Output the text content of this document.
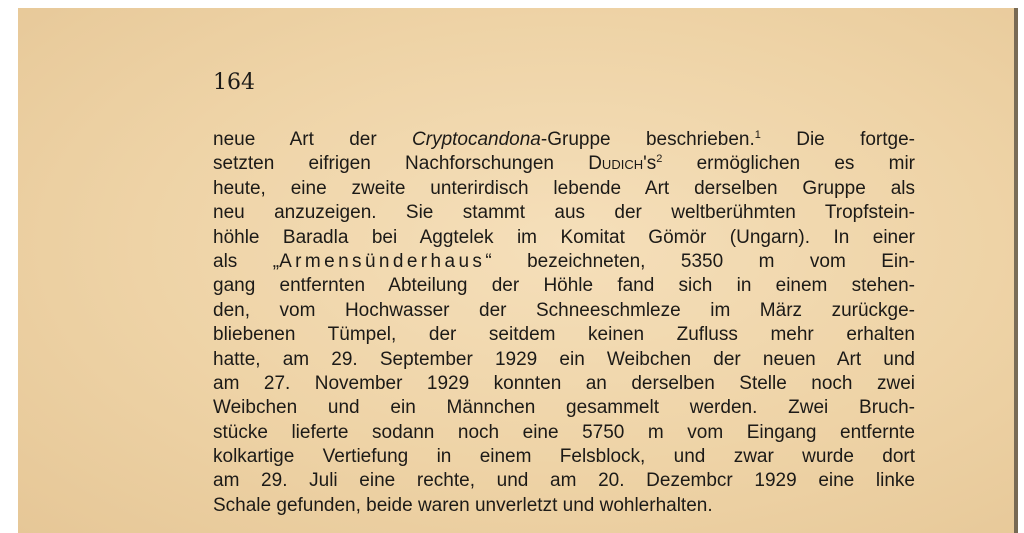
164
neue Art der Cryptocandona-Gruppe beschrieben.$^1$ Die fortge-
setzten eifrigen Nachforschungen $Dudich's^2$ ermöglichen es mir
heute, eine zweite unterirdisch lebende Art derselben Gruppe als
neu anzuzeigen. Sie stammt aus der weltberühmten Tropfstein-
höhle Baradla bei Aggtelek im Komitat Gömör (Ungarn). In einer
als „Armensünderhaus“ bezeichneten, 5350 m vom Ein-
gang entfernten Abteilung der Höhle fand sich in einem stehen-
den, vom Hochwasser der Schneeschmleze im März zurückge-
bliebenen Tümpel, der seitdem keinen Zufluss mehr erhalten
hatte, am 29. September 1929 ein Weibchen der neuen Art und
am 27. November 1929 konnten an derselben Stelle noch zwei
Weibchen und ein Männchen gesammelt werden. Zwei Bruch-
stücke lieferte sodann noch eine 5750 m vom Eingang entfernte
kolkartige Vertiefung in einem Felsblock, und zwar wurde dort
am 29. Juli eine rechte, und am 20. Dezembcr 1929 eine linke
Schale gefunden, beide waren unverletzt und wohlerhalten.
